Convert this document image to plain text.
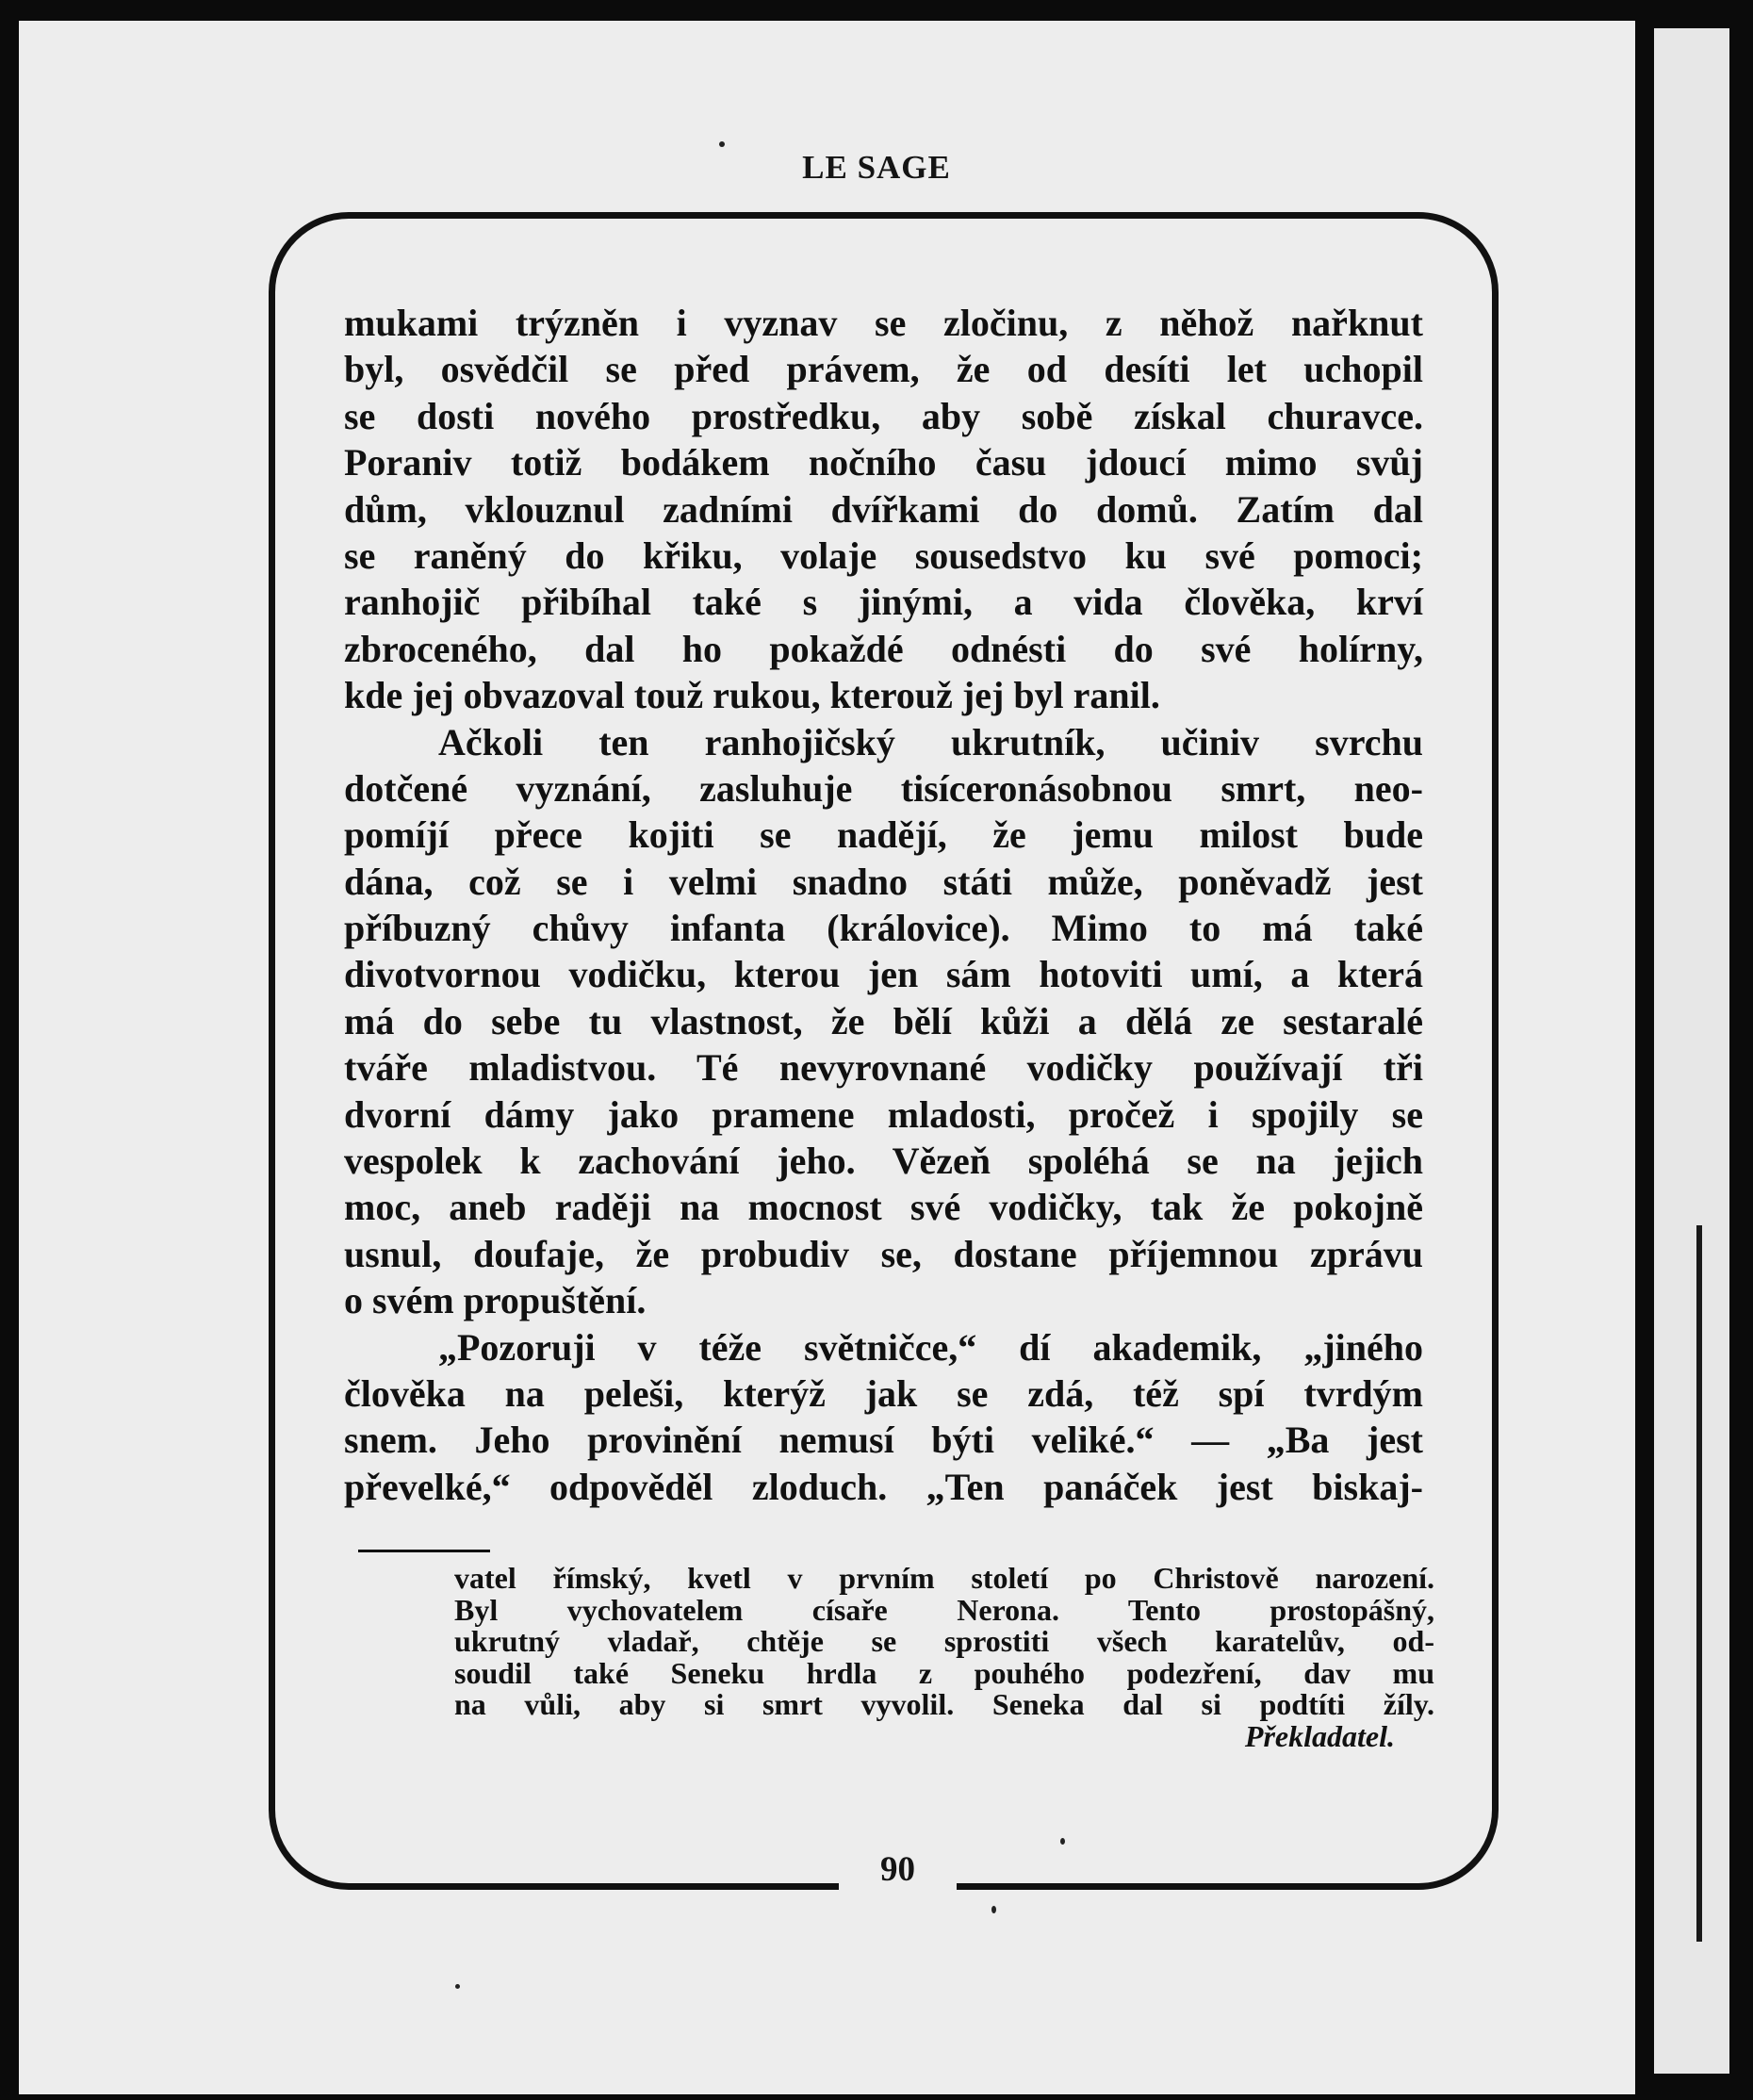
LE SAGE
90
mukami trýzněn i vyznav se zločinu, z něhož nařknut
byl, osvědčil se před právem, že od desíti let uchopil
se dosti nového prostředku, aby sobě získal churavce.
Poraniv totiž bodákem nočního času jdoucí mimo svůj
dům, vklouznul zadními dvířkami do domů. Zatím dal
se raněný do křiku, volaje sousedstvo ku své pomoci;
ranhojič přibíhal také s jinými, a vida člověka, krví
zbroceného, dal ho pokaždé odnésti do své holírny,
kde jej obvazoval touž rukou, kterouž jej byl ranil.
Ačkoli ten ranhojičský ukrutník, učiniv svrchu
dotčené vyznání, zasluhuje tisíceronásobnou smrt, neo-
pomíjí přece kojiti se nadějí, že jemu milost bude
dána, což se i velmi snadno státi může, poněvadž jest
příbuzný chůvy infanta (královice). Mimo to má také
divotvornou vodičku, kterou jen sám hotoviti umí, a která
má do sebe tu vlastnost, že bělí kůži a dělá ze sestaralé
tváře mladistvou. Té nevyrovnané vodičky používají tři
dvorní dámy jako pramene mladosti, pročež i spojily se
vespolek k zachování jeho. Vězeň spoléhá se na jejich
moc, aneb raději na mocnost své vodičky, tak že pokojně
usnul, doufaje, že probudiv se, dostane příjemnou zprávu
o svém propuštění.
„Pozoruji v téže světničce,“ dí akademik, „jiného
člověka na peleši, kterýž jak se zdá, též spí tvrdým
snem. Jeho provinění nemusí býti veliké.“ — „Ba jest
převelké,“ odpověděl zloduch. „Ten panáček jest biskaj-
vatel římský, kvetl v prvním století po Christově narození.
Byl vychovatelem císaře Nerona. Tento prostopášný,
ukrutný vladař, chtěje se sprostiti všech karatelův, od-
soudil také Seneku hrdla z pouhého podezření, dav mu
na vůli, aby si smrt vyvolil. Seneka dal si podtíti žíly.
Překladatel.
